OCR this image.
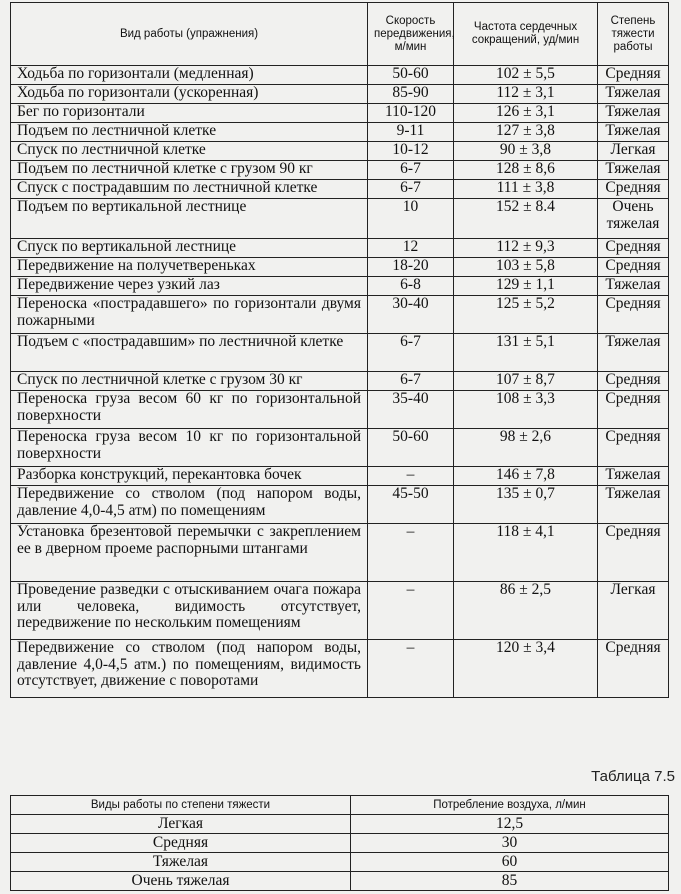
Вид работы (упражнения)	Скорость передвижения, м/мин	Частота сердечных сокращений, уд/мин	Степень тяжести работы
Ходьба по горизонтали (медленная)	50-60	102 ± 5,5	Средняя
Ходьба по горизонтали (ускоренная)	85-90	112 ± 3,1	Тяжелая
Бег по горизонтали	110-120	126 ± 3,1	Тяжелая
Подъем по лестничной клетке	9-11	127 ± 3,8	Тяжелая
Спуск по лестничной клетке	10-12	90 ± 3,8	Легкая
Подъем по лестничной клетке с грузом 90 кг	6-7	128 ± 8,6	Тяжелая
Спуск с пострадавшим по лестничной клетке	6-7	111 ± 3,8	Средняя
Подъем по вертикальной лестнице	10	152 ± 8.4	Очень тяжелая
Спуск по вертикальной лестнице	12	112 ± 9,3	Средняя
Передвижение на получетвереньках	18-20	103 ± 5,8	Средняя
Передвижение через узкий лаз	6-8	129 ± 1,1	Тяжелая
Переноска «пострадавшего» по горизонтали двумя пожарными	30-40	125 ± 5,2	Средняя
Подъем с «пострадавшим» по лестничной клетке	6-7	131 ± 5,1	Тяжелая
Спуск по лестничной клетке с грузом 30 кг	6-7	107 ± 8,7	Средняя
Переноска груза весом 60 кг по горизонтальной поверхности	35-40	108 ± 3,3	Средняя
Переноска груза весом 10 кг по горизонтальной поверхности	50-60	98 ± 2,6	Средняя
Разборка конструкций, перекантовка бочек	–	146 ± 7,8	Тяжелая
Передвижение со стволом (под напором воды, давление 4,0-4,5 атм) по помещениям	45-50	135 ± 0,7	Тяжелая
Установка брезентовой перемычки с закреплением ее в дверном проеме распорными штангами	–	118 ± 4,1	Средняя
Проведение разведки с отыскиванием очага пожара или человека, видимость отсутствует, передвижение по нескольким помещениям	–	86 ± 2,5	Легкая
Передвижение со стволом (под напором воды, давление 4,0-4,5 атм.) по помещениям, видимость отсутствует, движение с поворотами	–	120 ± 3,4	Средняя
Таблица 7.5
Виды работы по степени тяжести	Потребление воздуха, л/мин
Легкая	12,5
Средняя	30
Тяжелая	60
Очень тяжелая	85
